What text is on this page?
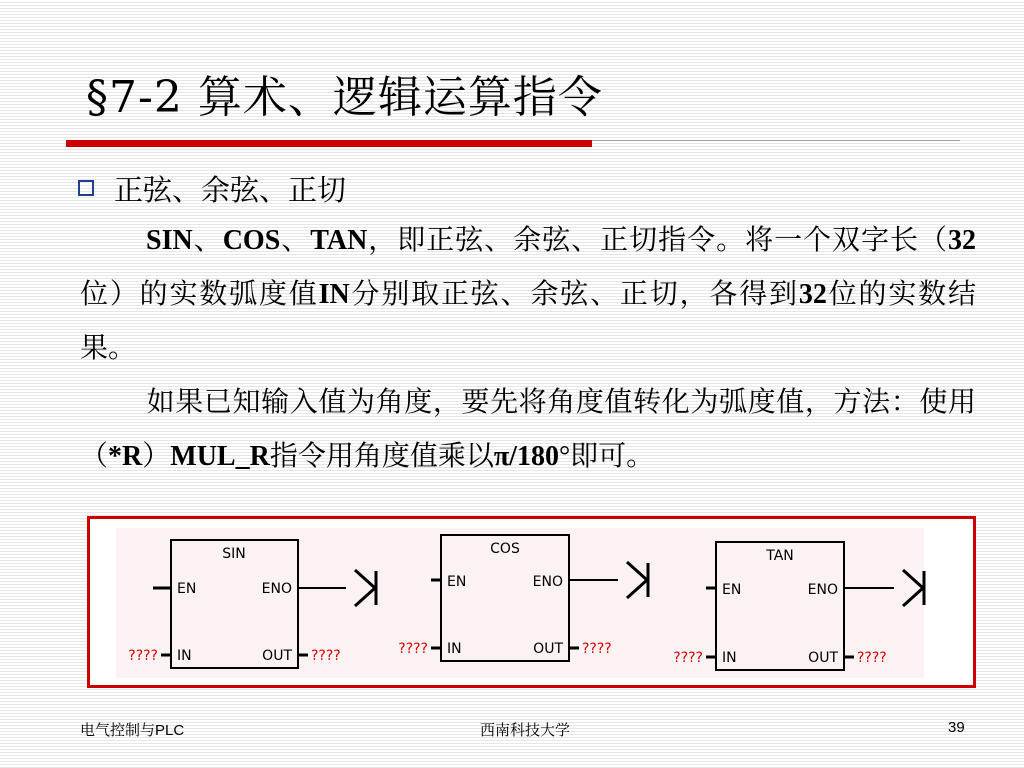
§7-2 算术、逻辑运算指令
正弦、余弦、正切

SIN、COS、TAN，即正弦、余弦、正切指令。将一个双字长（32位）的实数弧度值IN分别取正弦、余弦、正切，各得到32位的实数结果。

如果已知输入值为角度，要先将角度值转化为弧度值，方法：使用（*R）MUL_R指令用角度值乘以π/180°即可。

SIN
EN	ENO
IN	OUT
????	????
COS
EN	ENO
IN	OUT
????	????
TAN
EN	ENO
IN	OUT
????	????
电气控制与PLC	西南科技大学	39
